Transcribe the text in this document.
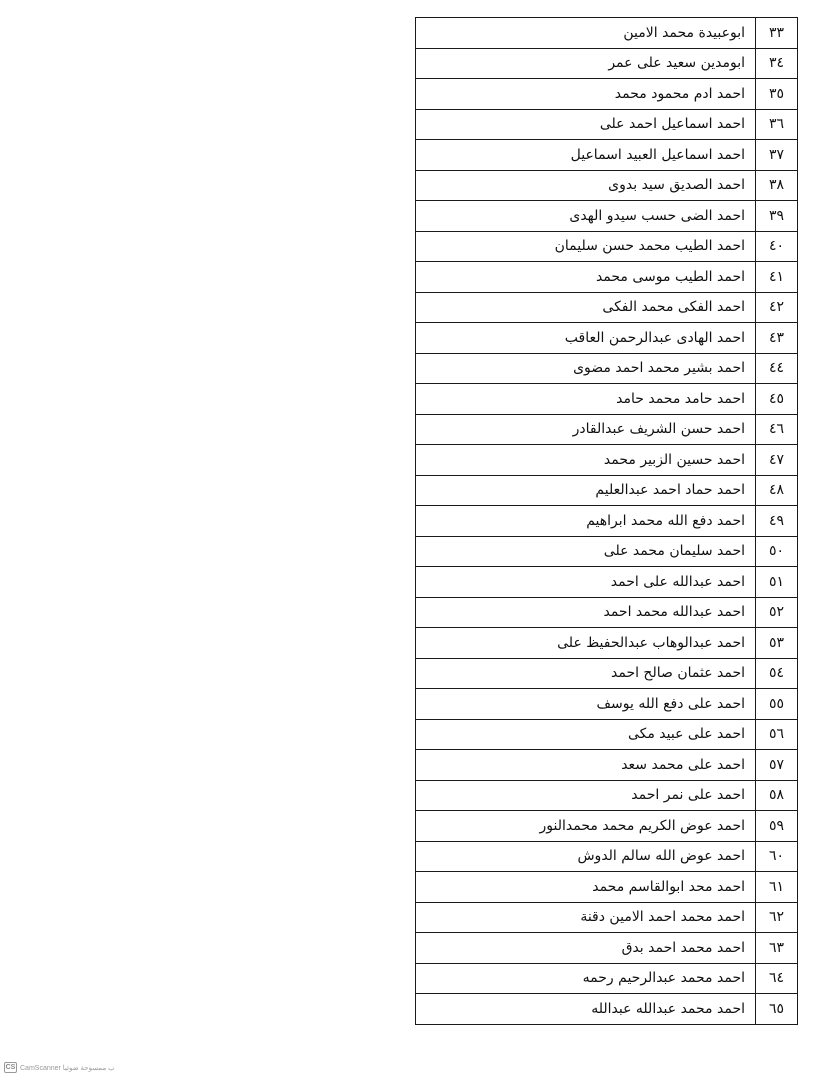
٣٣	ابوعبيدة محمد الامين
٣٤	ابومدين سعيد على عمر
٣٥	احمد ادم محمود محمد
٣٦	احمد اسماعيل احمد على
٣٧	احمد اسماعيل العبيد اسماعيل
٣٨	احمد الصديق سيد بدوى
٣٩	احمد الضى حسب سيدو الهدى
٤٠	احمد الطيب محمد حسن سليمان
٤١	احمد الطيب موسى محمد
٤٢	احمد الفكى محمد الفكى
٤٣	احمد الهادى عبدالرحمن العاقب
٤٤	احمد بشير محمد احمد مضوى
٤٥	احمد حامد محمد حامد
٤٦	احمد حسن الشريف عبدالقادر
٤٧	احمد حسين الزبير محمد
٤٨	احمد حماد احمد عبدالعليم
٤٩	احمد دفع الله محمد ابراهيم
٥٠	احمد سليمان محمد على
٥١	احمد عبدالله على احمد
٥٢	احمد عبدالله محمد احمد
٥٣	احمد عبدالوهاب عبدالحفيظ على
٥٤	احمد عثمان صالح احمد
٥٥	احمد على دفع الله يوسف
٥٦	احمد على عبيد مكى
٥٧	احمد على محمد سعد
٥٨	احمد على نمر احمد
٥٩	احمد عوض الكريم محمد محمدالنور
٦٠	احمد عوض الله سالم الدوش
٦١	احمد محد ابوالقاسم محمد
٦٢	احمد محمد احمد الامين دقنة
٦٣	احمد محمد احمد بدق
٦٤	احمد محمد عبدالرحيم رحمه
٦٥	احمد محمد عبدالله عبدالله
CS CamScanner ب ممسوحة ضوئيا
